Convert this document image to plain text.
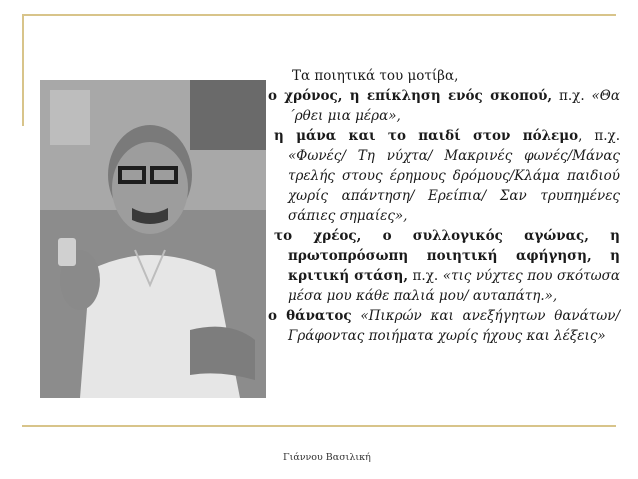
Τα ποιητικά του μοτίβα,

ο χρόνος, η επίκληση ενός σκοπού, π.χ. «Θα ΄ρθει μια μέρα»,

η μάνα και το παιδί στον πόλεμο, π.χ. «Φωνές/ Τη νύχτα/ Μακρινές φωνές/Μάνας τρελής στους έρημους δρόμους/Κλάμα παιδιού χωρίς απάντηση/ Ερείπια/ Σαν τρυπημένες σάπιες σημαίες»,

το χρέος, ο συλλογικός αγώνας, η πρωτοπρόσωπη ποιητική αφήγηση, η κριτική στάση, π.χ. «τις νύχτες που σκότωσα μέσα μου κάθε παλιά μου/ αυταπάτη.»,

ο θάνατος «Πικρών και ανεξήγητων θανάτων/ Γράφοντας ποιήματα χωρίς ήχους και λέξεις»

Γιάννου Βασιλική
